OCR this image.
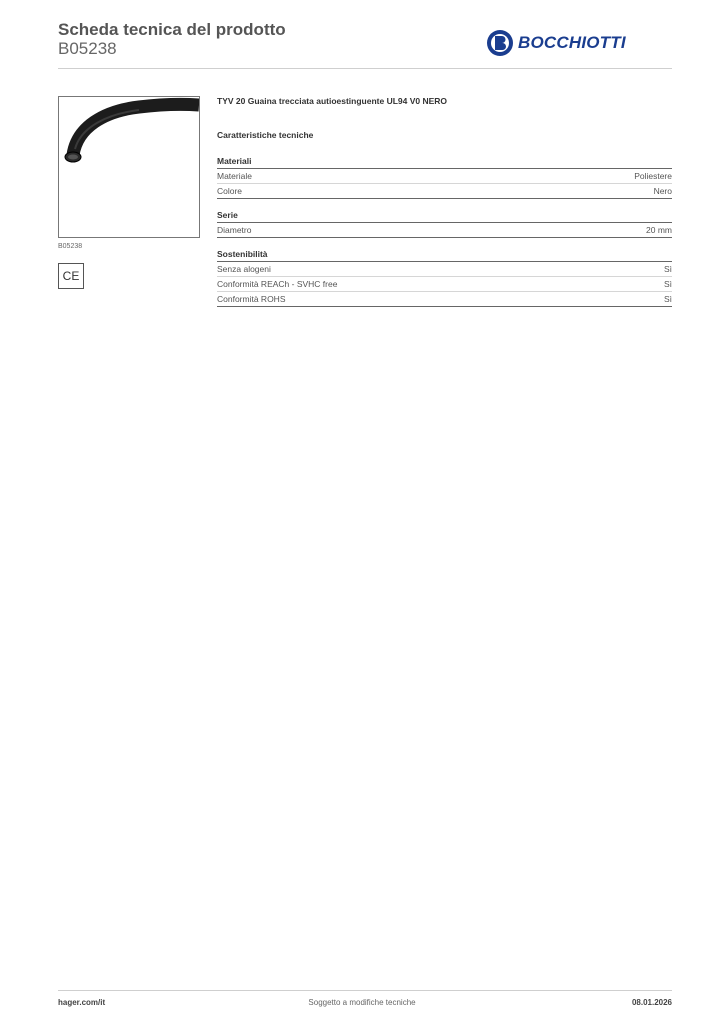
Scheda tecnica del prodotto
B05238	BOCCHIOTTI
B05238
CE
TYV 20 Guaina trecciata autioestinguente UL94 V0 NERO
Caratteristiche tecniche
Materiali
Materiale	Poliestere
Colore	Nero
Serie
Diametro	20 mm
Sostenibilità
Senza alogeni	Sì
Conformità REACh - SVHC free	Sì
Conformità ROHS	Sì
hager.com/it	Soggetto a modifiche tecniche	08.01.2026
